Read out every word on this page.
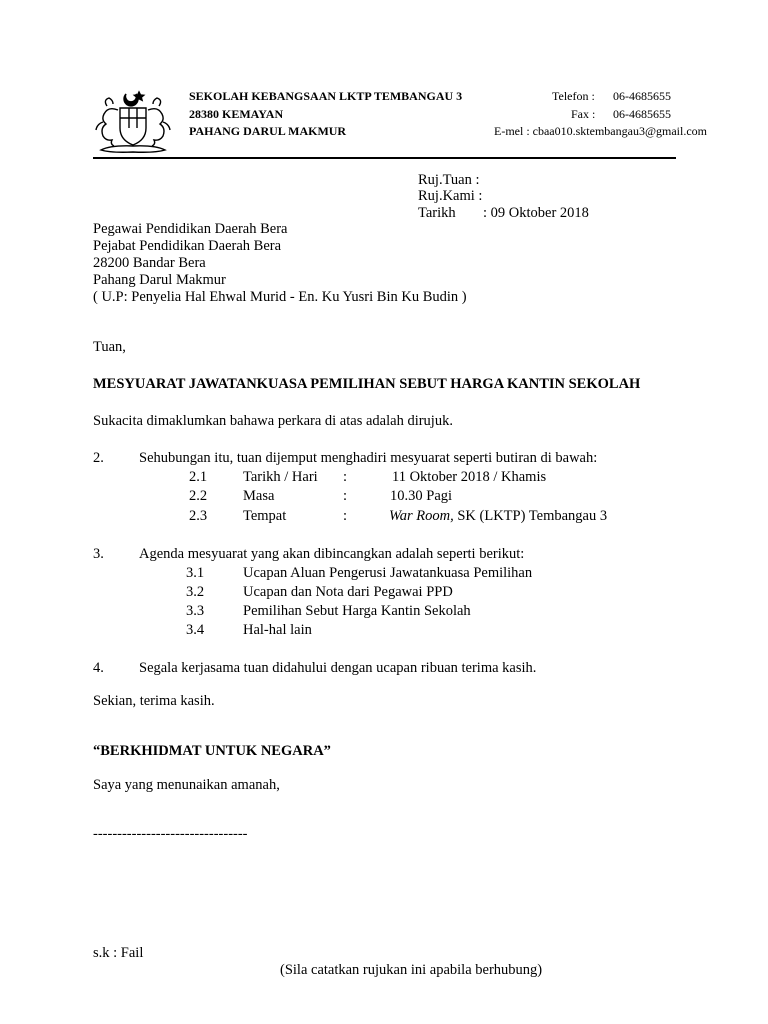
SEKOLAH KEBANGSAAN LKTP TEMBANGAU 3
28380 KEMAYAN
PAHANG DARUL MAKMUR
Telefon : 06-4685655
Fax : 06-4685655
E-mel : cbaa010.sktembangau3@gmail.com
Ruj.Tuan :
Ruj.Kami :
Tarikh : 09 Oktober 2018
Pegawai Pendidikan Daerah Bera
Pejabat Pendidikan Daerah Bera
28200 Bandar Bera
Pahang Darul Makmur
( U.P: Penyelia Hal Ehwal Murid - En. Ku Yusri Bin Ku Budin )
Tuan,
MESYUARAT JAWATANKUASA PEMILIHAN SEBUT HARGA KANTIN SEKOLAH
Sukacita dimaklumkan bahawa perkara di atas adalah dirujuk.
2. Sehubungan itu, tuan dijemput menghadiri mesyuarat seperti butiran di bawah:
2.1 Tarikh / Hari :	11 Oktober 2018 / Khamis
2.2 Masa	:	10.30 Pagi
2.3 Tempat	:	War Room, SK (LKTP) Tembangau 3
3. Agenda mesyuarat yang akan dibincangkan adalah seperti berikut:
3.1	Ucapan Aluan Pengerusi Jawatankuasa Pemilihan
3.2	Ucapan dan Nota dari Pegawai PPD
3.3	Pemilihan Sebut Harga Kantin Sekolah
3.4	Hal-hal lain
4. Segala kerjasama tuan didahului dengan ucapan ribuan terima kasih.
Sekian, terima kasih.
“BERKHIDMAT UNTUK NEGARA”
Saya yang menunaikan amanah,
--------------------------------
s.k : Fail
(Sila catatkan rujukan ini apabila berhubung)
